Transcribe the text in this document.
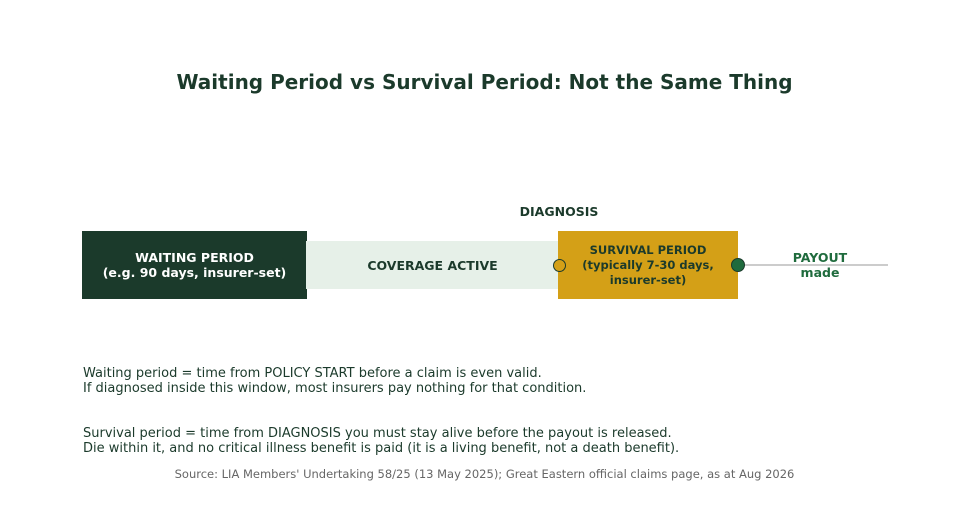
Waiting Period vs Survival Period: Not the Same Thing
DIAGNOSIS
WAITING PERIOD
(e.g. 90 days, insurer-set)	COVERAGE ACTIVE
SURVIVAL PERIOD
(typically 7-30 days,
insurer-set)
PAYOUT
made
Waiting period = time from POLICY START before a claim is even valid.
If diagnosed inside this window, most insurers pay nothing for that condition.
Survival period = time from DIAGNOSIS you must stay alive before the payout is released.
Die within it, and no critical illness benefit is paid (it is a living benefit, not a death benefit).
Source: LIA Members' Undertaking 58/25 (13 May 2025); Great Eastern official claims page, as at Aug 2026
